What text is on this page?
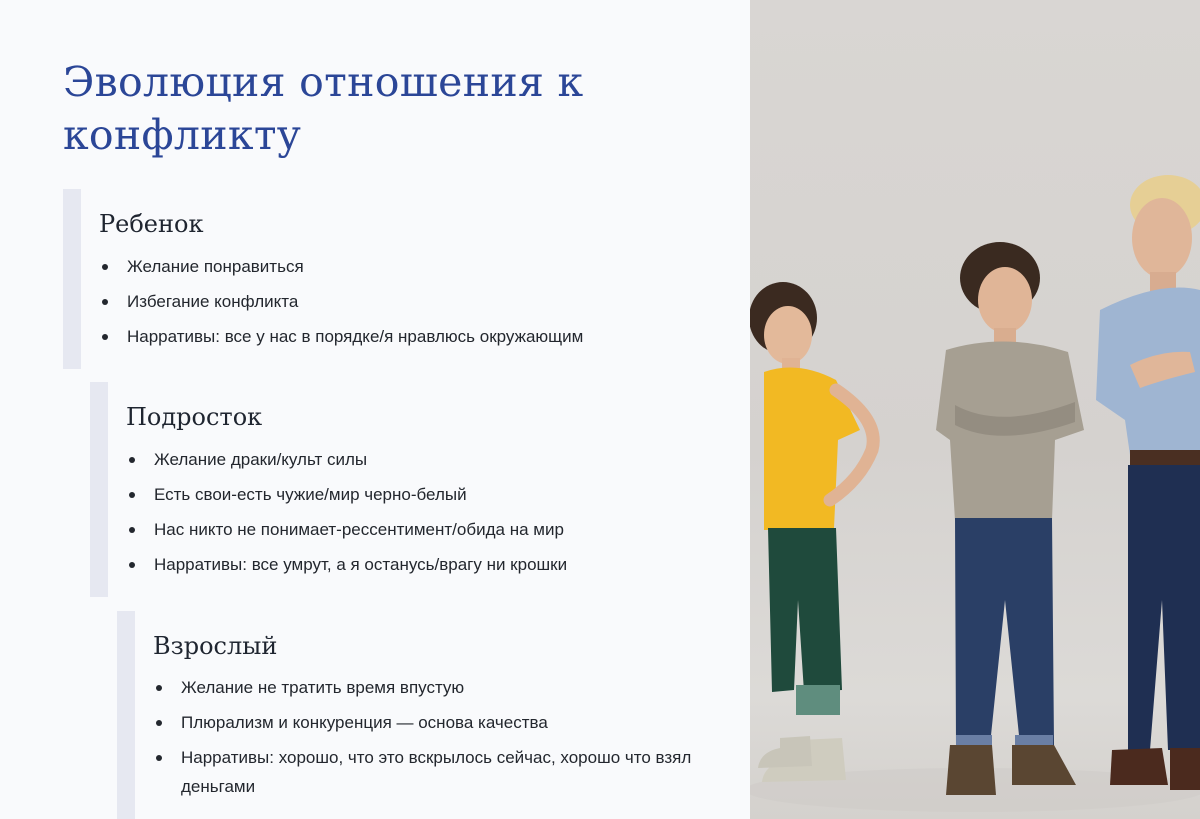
Эволюция отношения к конфликту
Ребенок
Желание понравиться
Избегание конфликта
Нарративы: все у нас в порядке/я нравлюсь окружающим
Подросток
Желание драки/культ силы
Есть свои-есть чужие/мир черно-белый
Нас никто не понимает-рессентимент/обида на мир
Нарративы: все умрут, а я останусь/врагу ни крошки
Взрослый
Желание не тратить время впустую
Плюрализм и конкуренция — основа качества
Нарративы: хорошо, что это вскрылось сейчас, хорошо что взял деньгами
